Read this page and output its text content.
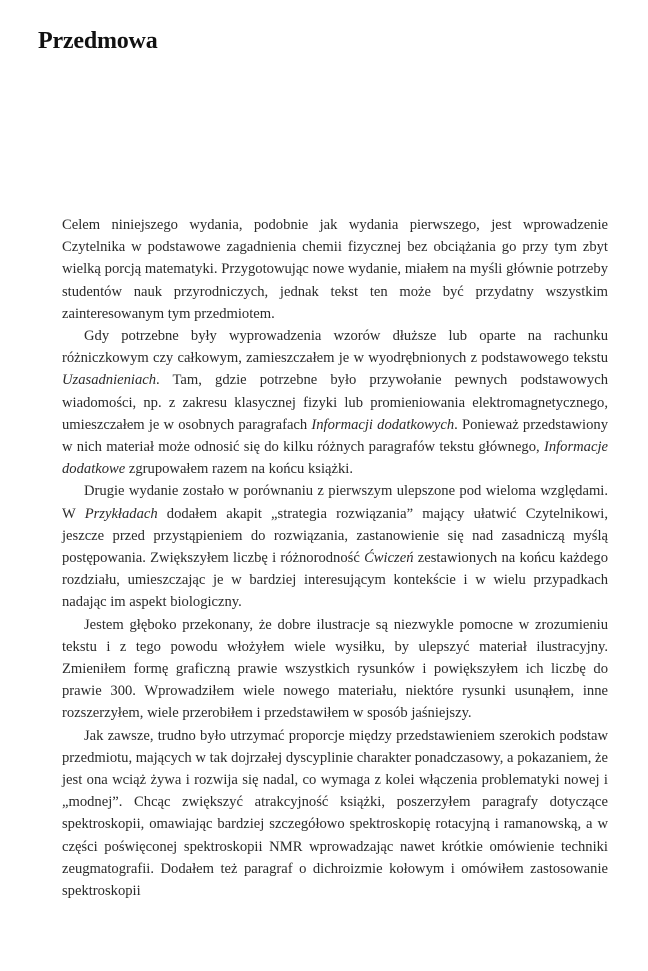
Przedmowa

Celem niniejszego wydania, podobnie jak wydania pierwszego, jest wprowadzenie Czytelnika w podstawowe zagadnienia chemii fizycznej bez obciążania go przy tym zbyt wielką porcją matematyki. Przygotowując nowe wydanie, miałem na myśli głównie potrzeby studentów nauk przyrodniczych, jednak tekst ten może być przydatny wszystkim zainteresowanym tym przedmiotem.

Gdy potrzebne były wyprowadzenia wzorów dłuższe lub oparte na rachunku różniczkowym czy całkowym, zamieszczałem je w wyodrębnionych z podstawowego tekstu Uzasadnieniach. Tam, gdzie potrzebne było przywołanie pewnych podstawowych wiadomości, np. z zakresu klasycznej fizyki lub promieniowania elektromagnetycznego, umieszczałem je w osobnych paragrafach Informacji dodatkowych. Ponieważ przedstawiony w nich materiał może odnosić się do kilku różnych paragrafów tekstu głównego, Informacje dodatkowe zgrupowałem razem na końcu książki.

Drugie wydanie zostało w porównaniu z pierwszym ulepszone pod wieloma względami. W Przykładach dodałem akapit „strategia rozwiązania” mający ułatwić Czytelnikowi, jeszcze przed przystąpieniem do rozwiązania, zastanowienie się nad zasadniczą myślą postępowania. Zwiększyłem liczbę i różnorodność Ćwiczeń zestawionych na końcu każdego rozdziału, umieszczając je w bardziej interesującym kontekście i w wielu przypadkach nadając im aspekt biologiczny.

Jestem głęboko przekonany, że dobre ilustracje są niezwykle pomocne w zrozumieniu tekstu i z tego powodu włożyłem wiele wysiłku, by ulepszyć materiał ilustracyjny. Zmieniłem formę graficzną prawie wszystkich rysunków i powiększyłem ich liczbę do prawie 300. Wprowadziłem wiele nowego materiału, niektóre rysunki usunąłem, inne rozszerzyłem, wiele przerobiłem i przedstawiłem w sposób jaśniejszy.

Jak zawsze, trudno było utrzymać proporcje między przedstawieniem szerokich podstaw przedmiotu, mających w tak dojrzałej dyscyplinie charakter ponadczasowy, a pokazaniem, że jest ona wciąż żywa i rozwija się nadal, co wymaga z kolei włączenia problematyki nowej i „modnej”. Chcąc zwiększyć atrakcyjność książki, poszerzyłem paragrafy dotyczące spektroskopii, omawiając bardziej szczegółowo spektroskopię rotacyjną i ramanowską, a w części poświęconej spektroskopii NMR wprowadzając nawet krótkie omówienie techniki zeugmatografii. Dodałem też paragraf o dichroizmie kołowym i omówiłem zastosowanie spektroskopii
